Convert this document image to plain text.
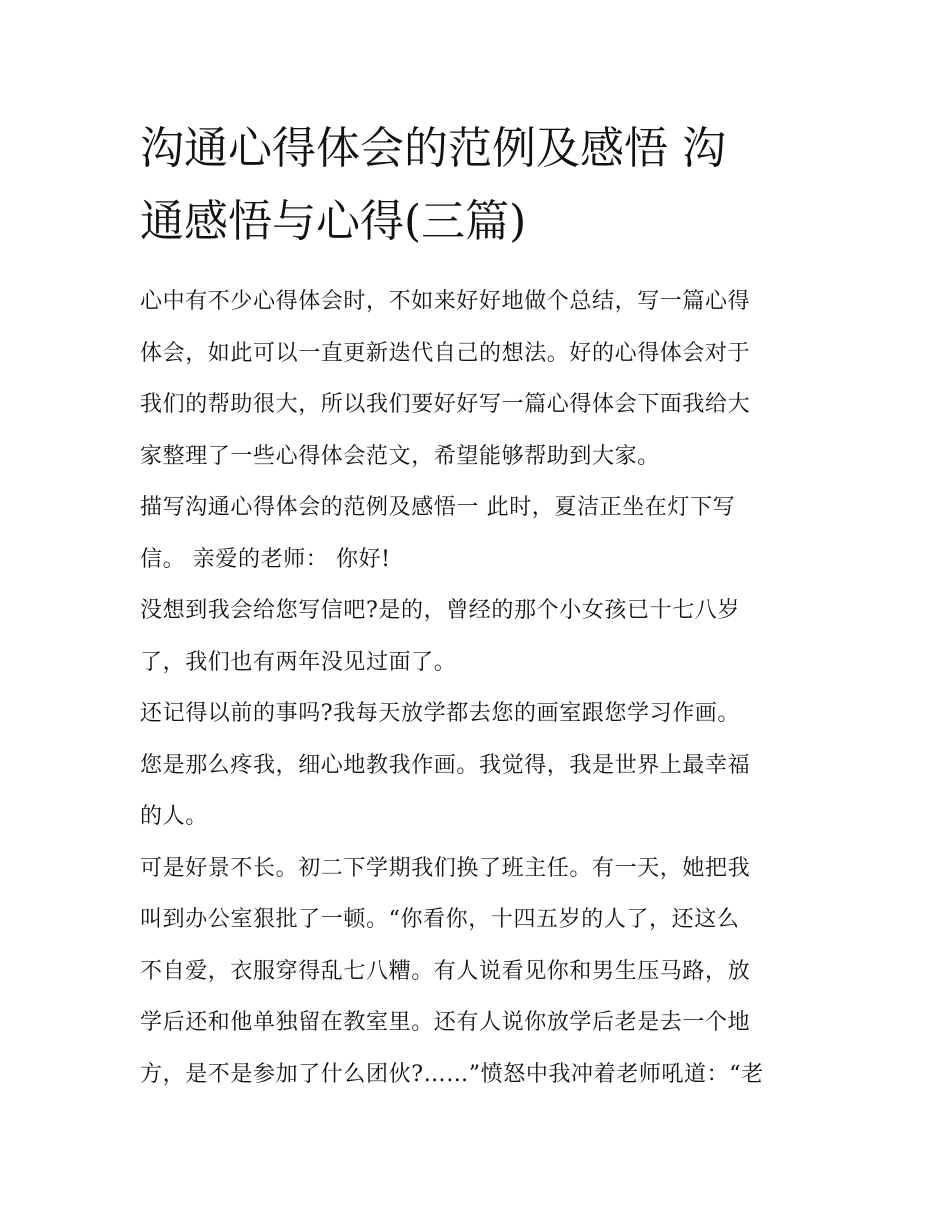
沟通心得体会的范例及感悟 沟
通感悟与心得(三篇)

心中有不少心得体会时，不如来好好地做个总结，写一篇心得
体会，如此可以一直更新迭代自己的想法。好的心得体会对于
我们的帮助很大，所以我们要好好写一篇心得体会下面我给大
家整理了一些心得体会范文，希望能够帮助到大家。

描写沟通心得体会的范例及感悟一 此时，夏洁正坐在灯下写
信。 亲爱的老师： 你好!

没想到我会给您写信吧?是的，曾经的那个小女孩已十七八岁
了，我们也有两年没见过面了。

还记得以前的事吗?我每天放学都去您的画室跟您学习作画。
您是那么疼我，细心地教我作画。我觉得，我是世界上最幸福
的人。

可是好景不长。初二下学期我们换了班主任。有一天，她把我
叫到办公室狠批了一顿。“你看你，十四五岁的人了，还这么
不自爱，衣服穿得乱七八糟。有人说看见你和男生压马路，放
学后还和他单独留在教室里。还有人说你放学后老是去一个地
方，是不是参加了什么团伙?……”愤怒中我冲着老师吼道：“老
